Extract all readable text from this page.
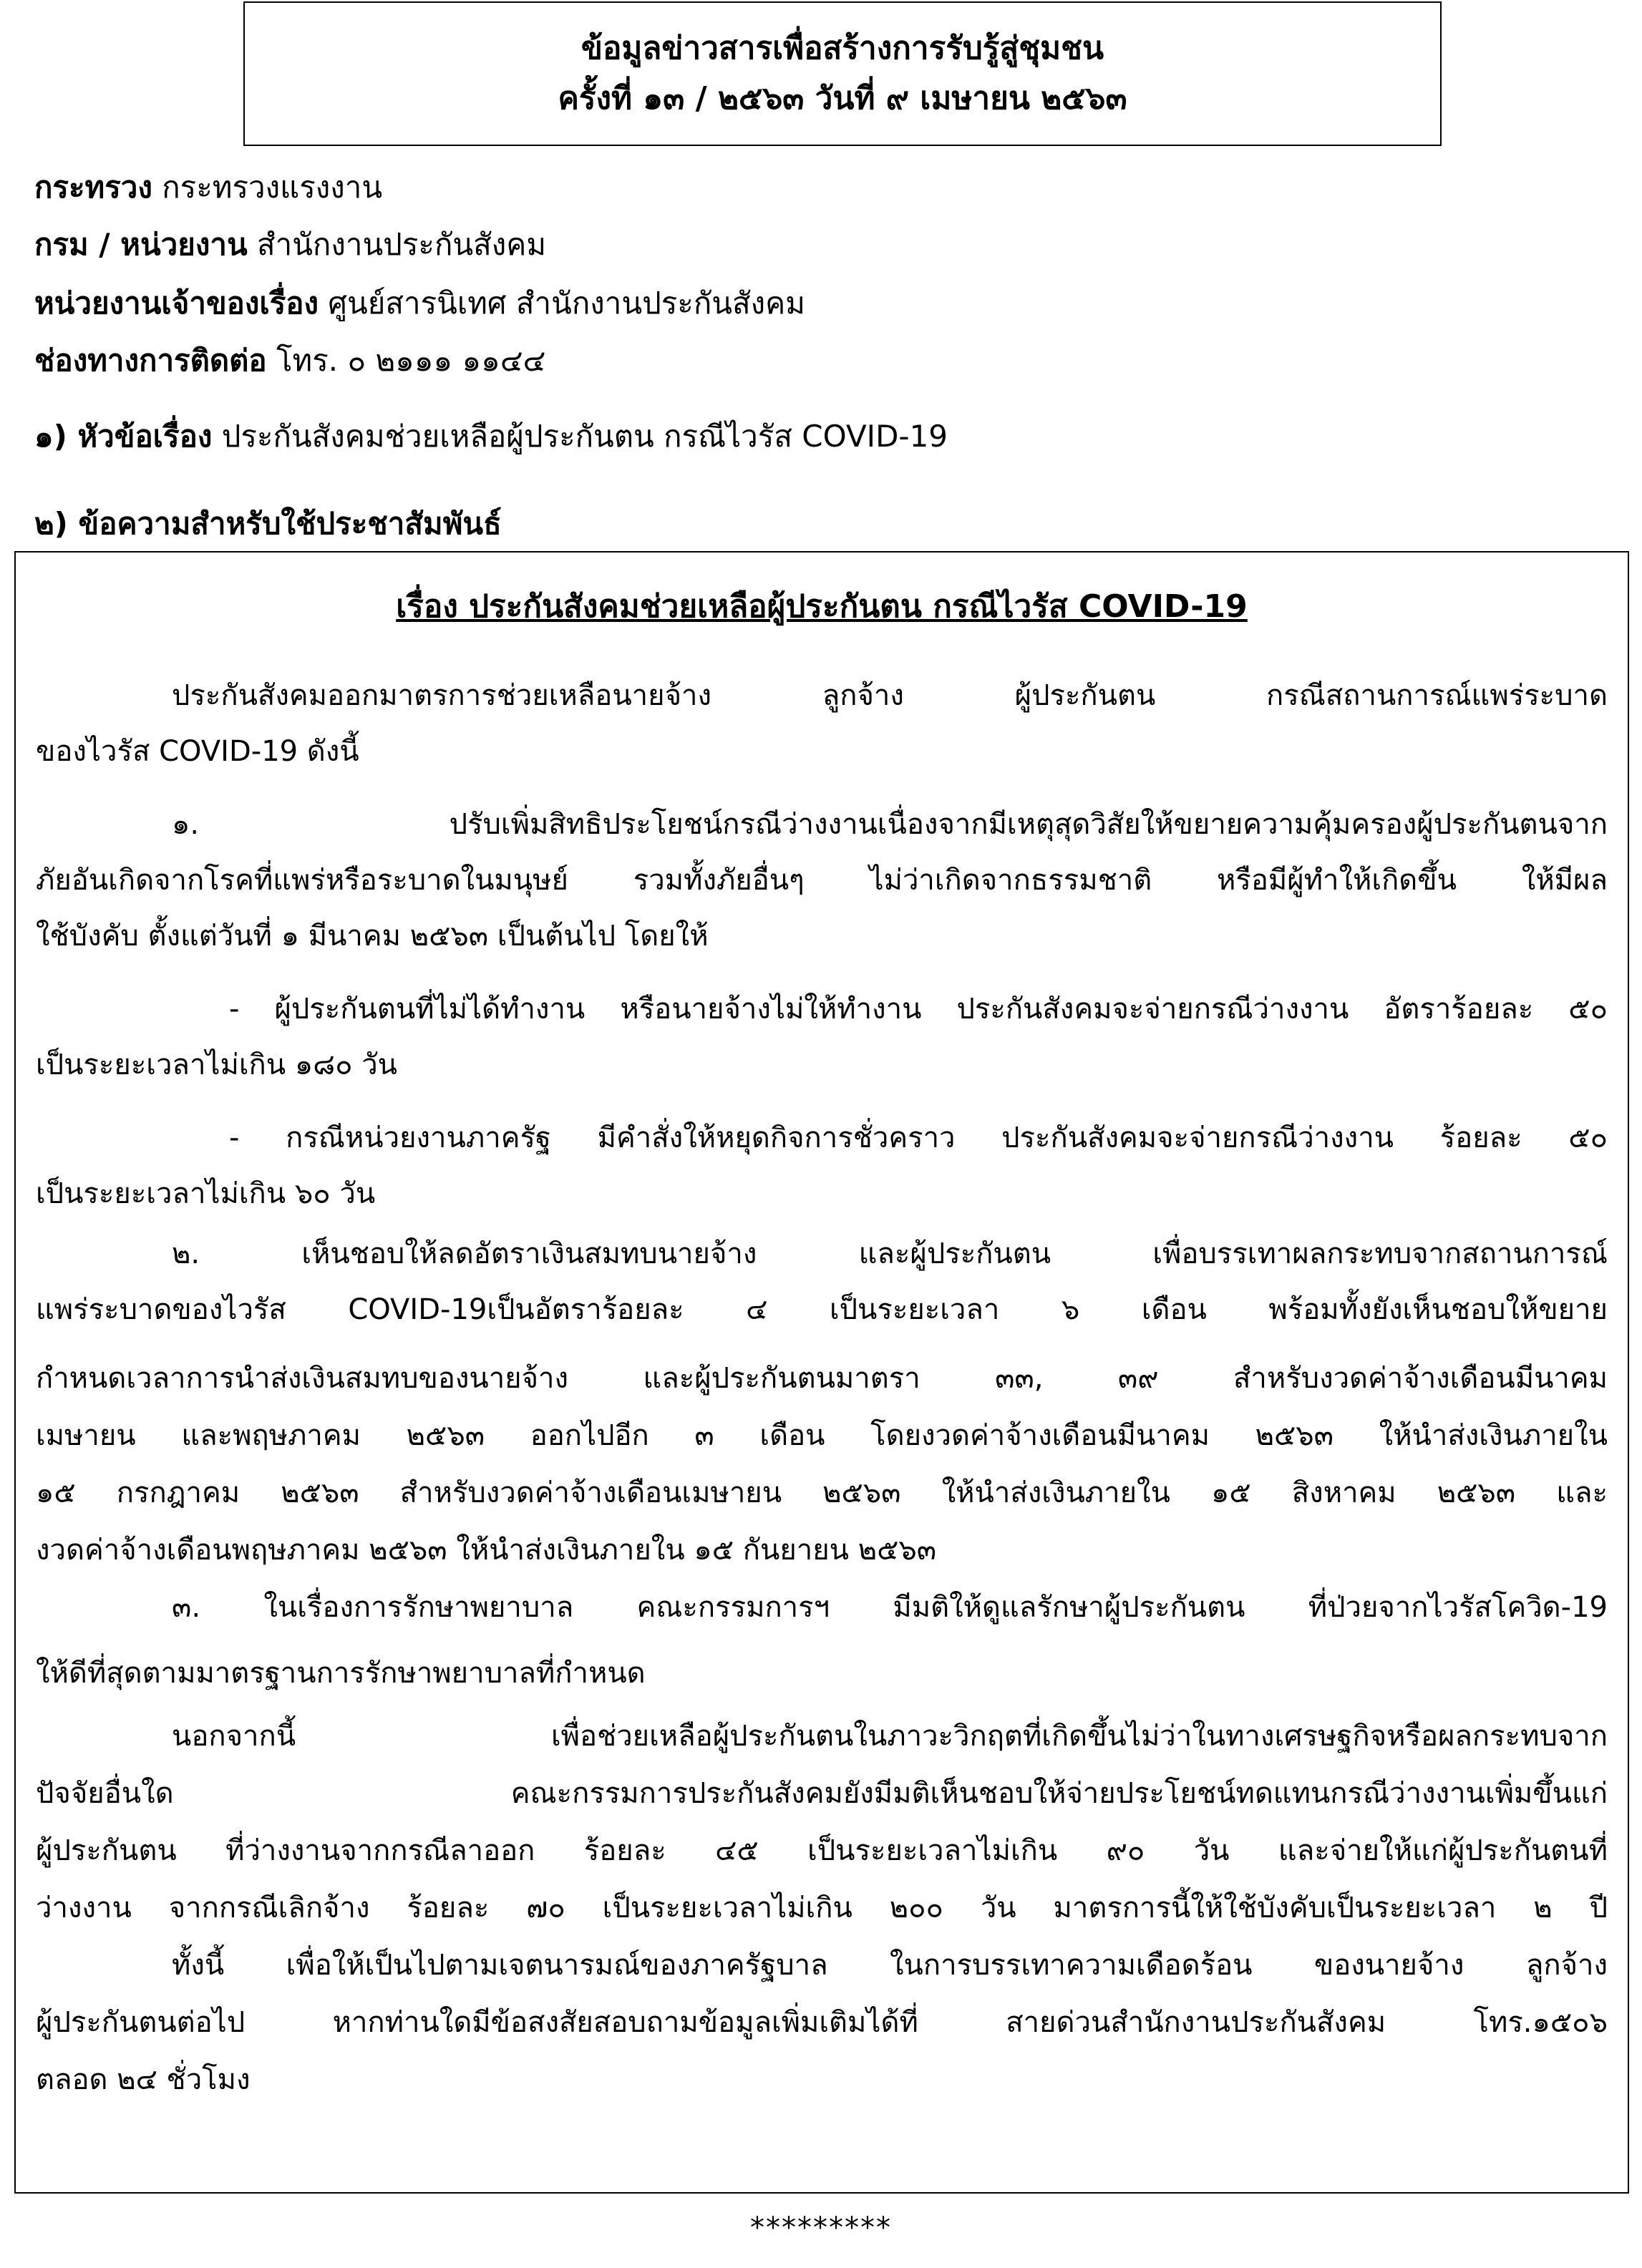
ข้อมูลข่าวสารเพื่อสร้างการรับรู้สู่ชุมชน
ครั้งที่ ๑๓ / ๒๕๖๓ วันที่ ๙ เมษายน ๒๕๖๓
กระทรวง กระทรวงแรงงาน
กรม / หน่วยงาน สำนักงานประกันสังคม
หน่วยงานเจ้าของเรื่อง ศูนย์สารนิเทศ สำนักงานประกันสังคม
ช่องทางการติดต่อ โทร. ๐ ๒๑๑๑ ๑๑๔๔
๑) หัวข้อเรื่อง ประกันสังคมช่วยเหลือผู้ประกันตน กรณีไวรัส COVID-19
๒) ข้อความสำหรับใช้ประชาสัมพันธ์
เรื่อง ประกันสังคมช่วยเหลือผู้ประกันตน กรณีไวรัส COVID-19
ประกันสังคมออกมาตรการช่วยเหลือนายจ้าง ลูกจ้าง ผู้ประกันตน กรณีสถานการณ์แพร่ระบาด
ของไวรัส COVID-19 ดังนี้
๑. ปรับเพิ่มสิทธิประโยชน์กรณีว่างงานเนื่องจากมีเหตุสุดวิสัยให้ขยายความคุ้มครองผู้ประกันตนจาก
ภัยอันเกิดจากโรคที่แพร่หรือระบาดในมนุษย์ รวมทั้งภัยอื่นๆ ไม่ว่าเกิดจากธรรมชาติ หรือมีผู้ทำให้เกิดขึ้น ให้มีผล
ใช้บังคับ ตั้งแต่วันที่ ๑ มีนาคม ๒๕๖๓ เป็นต้นไป โดยให้
- ผู้ประกันตนที่ไม่ได้ทำงาน หรือนายจ้างไม่ให้ทำงาน ประกันสังคมจะจ่ายกรณีว่างงาน อัตราร้อยละ ๕๐
เป็นระยะเวลาไม่เกิน ๑๘๐ วัน
- กรณีหน่วยงานภาครัฐ มีคำสั่งให้หยุดกิจการชั่วคราว ประกันสังคมจะจ่ายกรณีว่างงาน ร้อยละ ๕๐
เป็นระยะเวลาไม่เกิน ๖๐ วัน
๒. เห็นชอบให้ลดอัตราเงินสมทบนายจ้าง และผู้ประกันตน เพื่อบรรเทาผลกระทบจากสถานการณ์
แพร่ระบาดของไวรัส COVID-19เป็นอัตราร้อยละ ๔ เป็นระยะเวลา ๖ เดือน พร้อมทั้งยังเห็นชอบให้ขยาย
กำหนดเวลาการนำส่งเงินสมทบของนายจ้าง และผู้ประกันตนมาตรา ๓๓, ๓๙ สำหรับงวดค่าจ้างเดือนมีนาคม
เมษายน และพฤษภาคม ๒๕๖๓ ออกไปอีก ๓ เดือน โดยงวดค่าจ้างเดือนมีนาคม ๒๕๖๓ ให้นำส่งเงินภายใน
๑๕ กรกฎาคม ๒๕๖๓ สำหรับงวดค่าจ้างเดือนเมษายน ๒๕๖๓ ให้นำส่งเงินภายใน ๑๕ สิงหาคม ๒๕๖๓ และ
งวดค่าจ้างเดือนพฤษภาคม ๒๕๖๓ ให้นำส่งเงินภายใน ๑๕ กันยายน ๒๕๖๓
๓. ในเรื่องการรักษาพยาบาล คณะกรรมการฯ มีมติให้ดูแลรักษาผู้ประกันตน ที่ป่วยจากไวรัสโควิด-19
ให้ดีที่สุดตามมาตรฐานการรักษาพยาบาลที่กำหนด
นอกจากนี้ เพื่อช่วยเหลือผู้ประกันตนในภาวะวิกฤตที่เกิดขึ้นไม่ว่าในทางเศรษฐกิจหรือผลกระทบจาก
ปัจจัยอื่นใด คณะกรรมการประกันสังคมยังมีมติเห็นชอบให้จ่ายประโยชน์ทดแทนกรณีว่างงานเพิ่มขึ้นแก่
ผู้ประกันตน ที่ว่างงานจากกรณีลาออก ร้อยละ ๔๕ เป็นระยะเวลาไม่เกิน ๙๐ วัน และจ่ายให้แก่ผู้ประกันตนที่
ว่างงาน จากกรณีเลิกจ้าง ร้อยละ ๗๐ เป็นระยะเวลาไม่เกิน ๒๐๐ วัน มาตรการนี้ให้ใช้บังคับเป็นระยะเวลา ๒ ปี
ทั้งนี้ เพื่อให้เป็นไปตามเจตนารมณ์ของภาครัฐบาล ในการบรรเทาความเดือดร้อน ของนายจ้าง ลูกจ้าง
ผู้ประกันตนต่อไป หากท่านใดมีข้อสงสัยสอบถามข้อมูลเพิ่มเติมได้ที่ สายด่วนสำนักงานประกันสังคม โทร.๑๕๐๖
ตลอด ๒๔ ชั่วโมง
*********
